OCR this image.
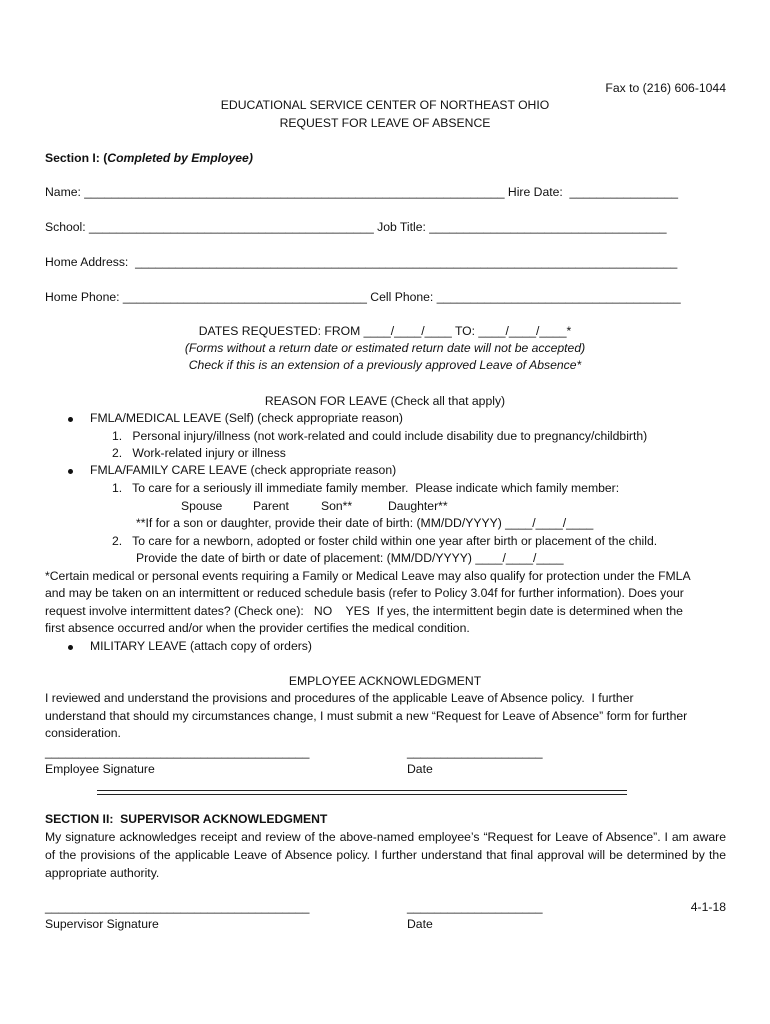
Fax to (216) 606-1044
EDUCATIONAL SERVICE CENTER OF NORTHEAST OHIO
REQUEST FOR LEAVE OF ABSENCE
Section I: (Completed by Employee)
Name: ______________________________________________________________ Hire Date:  ________________
School: __________________________________________ Job Title: ___________________________________
Home Address:  ________________________________________________________________________________
Home Phone: ____________________________________ Cell Phone: ____________________________________
DATES REQUESTED: FROM ____/____/____ TO: ____/____/____*
(Forms without a return date or estimated return date will not be accepted)
Check if this is an extension of a previously approved Leave of Absence*
REASON FOR LEAVE (Check all that apply)
FMLA/MEDICAL LEAVE (Self) (check appropriate reason)
1.   Personal injury/illness (not work-related and could include disability due to pregnancy/childbirth)
2.   Work-related injury or illness
FMLA/FAMILY CARE LEAVE (check appropriate reason)
1.   To care for a seriously ill immediate family member.  Please indicate which family member:
Spouse	Parent	Son**	Daughter**
**If for a son or daughter, provide their date of birth: (MM/DD/YYYY) ____/____/____
2.   To care for a newborn, adopted or foster child within one year after birth or placement of the child.
Provide the date of birth or date of placement: (MM/DD/YYYY) ____/____/____
*Certain medical or personal events requiring a Family or Medical Leave may also qualify for protection under the FMLA
and may be taken on an intermittent or reduced schedule basis (refer to Policy 3.04f for further information). Does your
request involve intermittent dates? (Check one):   NO    YES  If yes, the intermittent begin date is determined when the
first absence occurred and/or when the provider certifies the medical condition.
MILITARY LEAVE (attach copy of orders)
EMPLOYEE ACKNOWLEDGMENT
I reviewed and understand the provisions and procedures of the applicable Leave of Absence policy.  I further
understand that should my circumstances change, I must submit a new “Request for Leave of Absence” form for further
consideration.
_______________________________________	____________________
Employee Signature	Date
SECTION II:  SUPERVISOR ACKNOWLEDGMENT
My signature acknowledges receipt and review of the above-named employee’s “Request for Leave of Absence”. I am aware of the provisions of the applicable Leave of Absence policy. I further understand that final approval will be determined by the appropriate authority.
4-1-18
_______________________________________	____________________
Supervisor Signature	Date
